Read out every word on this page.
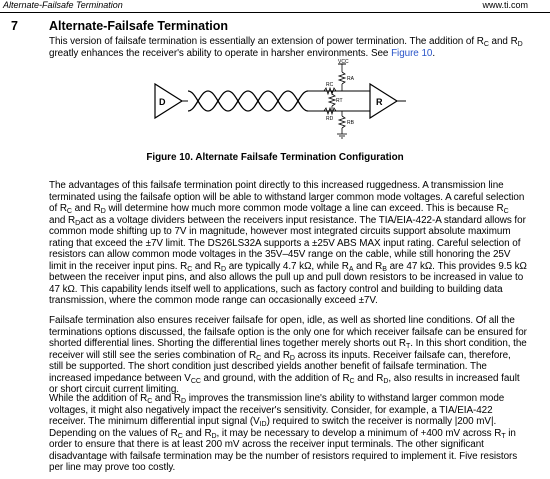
Alternate-Failsafe Termination	www.ti.com
7 Alternate-Failsafe Termination

This version of failsafe termination is essentially an extension of power termination. The addition of $R_C$ and $R_D$ greatly enhances the receiver's ability to operate in harsher environments. See Figure 10.

D
VCC
RA
RC
RT
RD
RB
R
Figure 10. Alternate Failsafe Termination Configuration

The advantages of this failsafe termination point directly to this increased ruggedness. A transmission line terminated using the failsafe option will be able to withstand larger common mode voltages. A careful selection of $R_C$ and $R_D$ will determine how much more common mode voltage a line can exceed. This is because $R_C$ and $R_Dact$ as a voltage dividers between the receivers input resistance. The TIA/EIA-422-A standard allows for common mode shifting up to 7V in magnitude, however most integrated circuits support absolute maximum rating that exceed the ±7V limit. The DS26LS32A supports a ±25V ABS MAX input rating. Careful selection of resistors can allow common mode voltages in the 35V–45V range on the cable, while still honoring the 25V limit in the receiver input pins. $R_C$ and $R_D$ are typically 4.7 kΩ, while $R_A$ and $R_B$ are 47 kΩ. This provides 9.5 kΩ between the receiver input pins, and also allows the pull up and pull down resistors to be increased in value to 47 kΩ. This capability lends itself well to applications, such as factory control and building to building data transmission, where the common mode range can occasionally exceed ±7V.

Failsafe termination also ensures receiver failsafe for open, idle, as well as shorted line conditions. Of all the terminations options discussed, the failsafe option is the only one for which receiver failsafe can be ensured for shorted differential lines. Shorting the differential lines together merely shorts out $R_T$. In this short condition, the receiver will still see the series combination of $R_C$ and $R_D$ across its inputs. Receiver failsafe can, therefore, still be supported. The short condition just described yields another benefit of failsafe termination. The increased impedance between $V_{CC}$ and ground, with the addition of $R_C$ and $R_D$, also results in increased fault or short circuit current limiting.

While the addition of $R_C$ and $R_D$ improves the transmission line's ability to withstand larger common mode voltages, it might also negatively impact the receiver's sensitivity. Consider, for example, a TIA/EIA-422 receiver. The minimum differential input signal $(V_{ID})$ required to switch the receiver is normally |200 mV|. Depending on the values of $R_C$ and $R_D$, it may be necessary to develop a minimum of +400 mV across $R_T$ in order to ensure that there is at least 200 mV across the receiver input terminals. The other significant disadvantage with failsafe termination may be the number of resistors required to implement it. Five resistors per line may prove too costly.
